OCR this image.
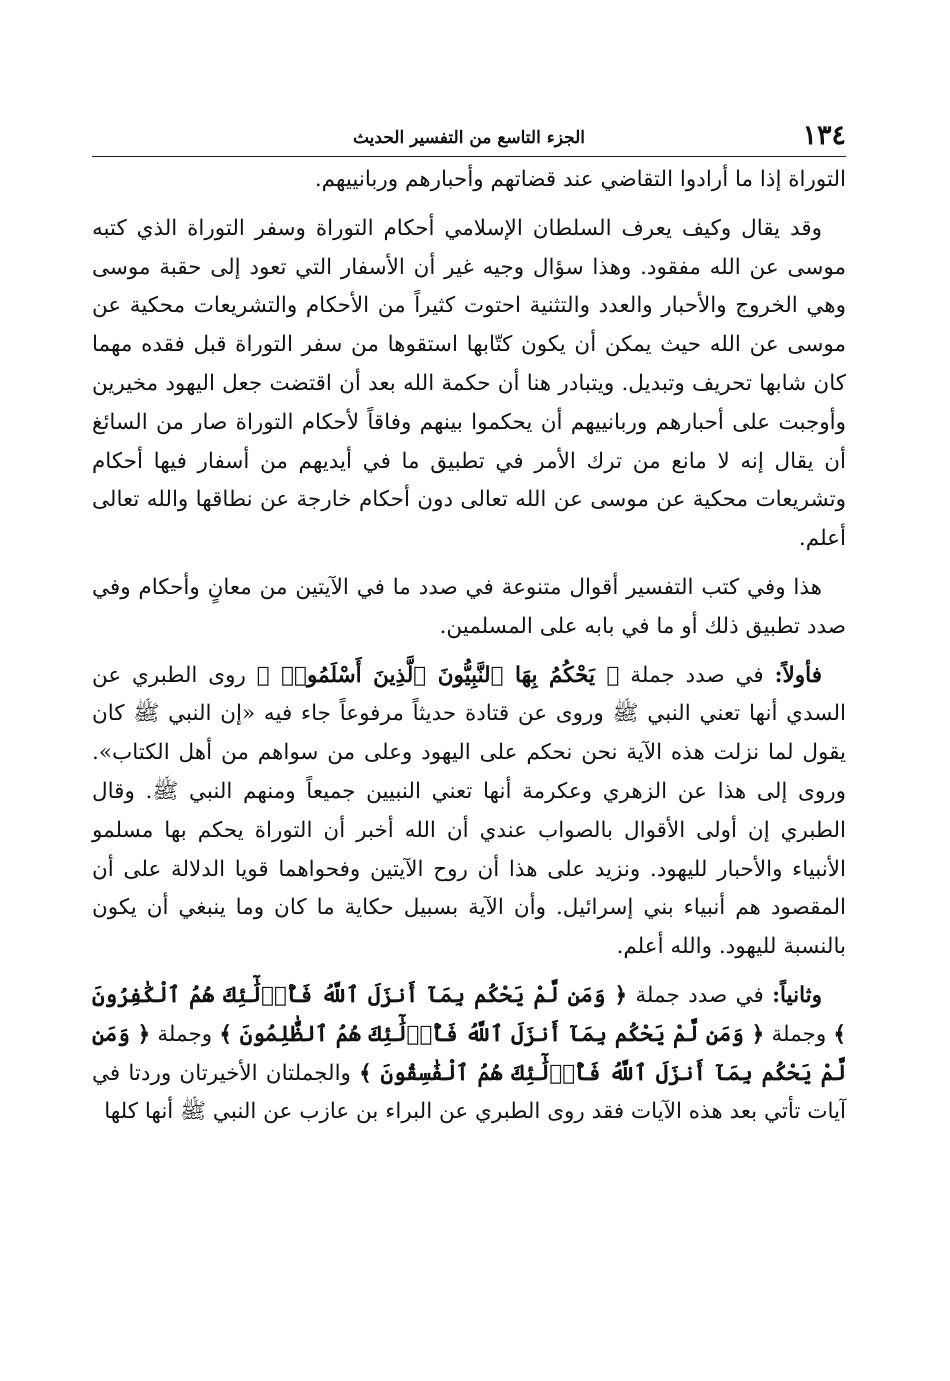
١٣٤
الجزء التاسع من التفسير الحديث

التوراة إذا ما أرادوا التقاضي عند قضاتهم وأحبارهم وربانييهم.

وقد يقال وكيف يعرف السلطان الإسلامي أحكام التوراة وسفر التوراة الذي كتبه موسى عن الله مفقود. وهذا سؤال وجيه غير أن الأسفار التي تعود إلى حقبة موسى وهي الخروج والأحبار والعدد والتثنية احتوت كثيراً من الأحكام والتشريعات محكية عن موسى عن الله حيث يمكن أن يكون كتّابها استقوها من سفر التوراة قبل فقده مهما كان شابها تحريف وتبديل. ويتبادر هنا أن حكمة الله بعد أن اقتضت جعل اليهود مخيرين وأوجبت على أحبارهم وربانييهم أن يحكموا بينهم وفاقاً لأحكام التوراة صار من السائغ أن يقال إنه لا مانع من ترك الأمر في تطبيق ما في أيديهم من أسفار فيها أحكام وتشريعات محكية عن موسى عن الله تعالى دون أحكام خارجة عن نطاقها والله تعالى أعلم.

هذا وفي كتب التفسير أقوال متنوعة في صدد ما في الآيتين من معانٍ وأحكام وفي صدد تطبيق ذلك أو ما في بابه على المسلمين.

فأولاً: في صدد جملة ﴿ يَحْكُمُ بِهَا ٱلنَّبِيُّونَ ٱلَّذِينَ أَسْلَمُوا۟ ﴾ روى الطبري عن السدي أنها تعني النبي ﷺ وروى عن قتادة حديثاً مرفوعاً جاء فيه «إن النبي ﷺ كان يقول لما نزلت هذه الآية نحن نحكم على اليهود وعلى من سواهم من أهل الكتاب». وروى إلى هذا عن الزهري وعكرمة أنها تعني النبيين جميعاً ومنهم النبي ﷺ. وقال الطبري إن أولى الأقوال بالصواب عندي أن الله أخبر أن التوراة يحكم بها مسلمو الأنبياء والأحبار لليهود. ونزيد على هذا أن روح الآيتين وفحواهما قويا الدلالة على أن المقصود هم أنبياء بني إسرائيل. وأن الآية بسبيل حكاية ما كان وما ينبغي أن يكون بالنسبة لليهود. والله أعلم.

وثانياً: في صدد جملة ﴿ وَمَن لَّمْ يَحْكُم بِمَآ أَنزَلَ ٱللَّهُ فَأُو۟لَٰٓئِكَ هُمُ ٱلْكَٰفِرُونَ ﴾ وجملة ﴿ وَمَن لَّمْ يَحْكُم بِمَآ أَنزَلَ ٱللَّهُ فَأُو۟لَٰٓئِكَ هُمُ ٱلظَّٰلِمُونَ ﴾ وجملة ﴿ وَمَن لَّمْ يَحْكُم بِمَآ أَنزَلَ ٱللَّهُ فَأُو۟لَٰٓئِكَ هُمُ ٱلْفَٰسِقُونَ ﴾ والجملتان الأخيرتان وردتا في آيات تأتي بعد هذه الآيات فقد روى الطبري عن البراء بن عازب عن النبي ﷺ أنها كلها
